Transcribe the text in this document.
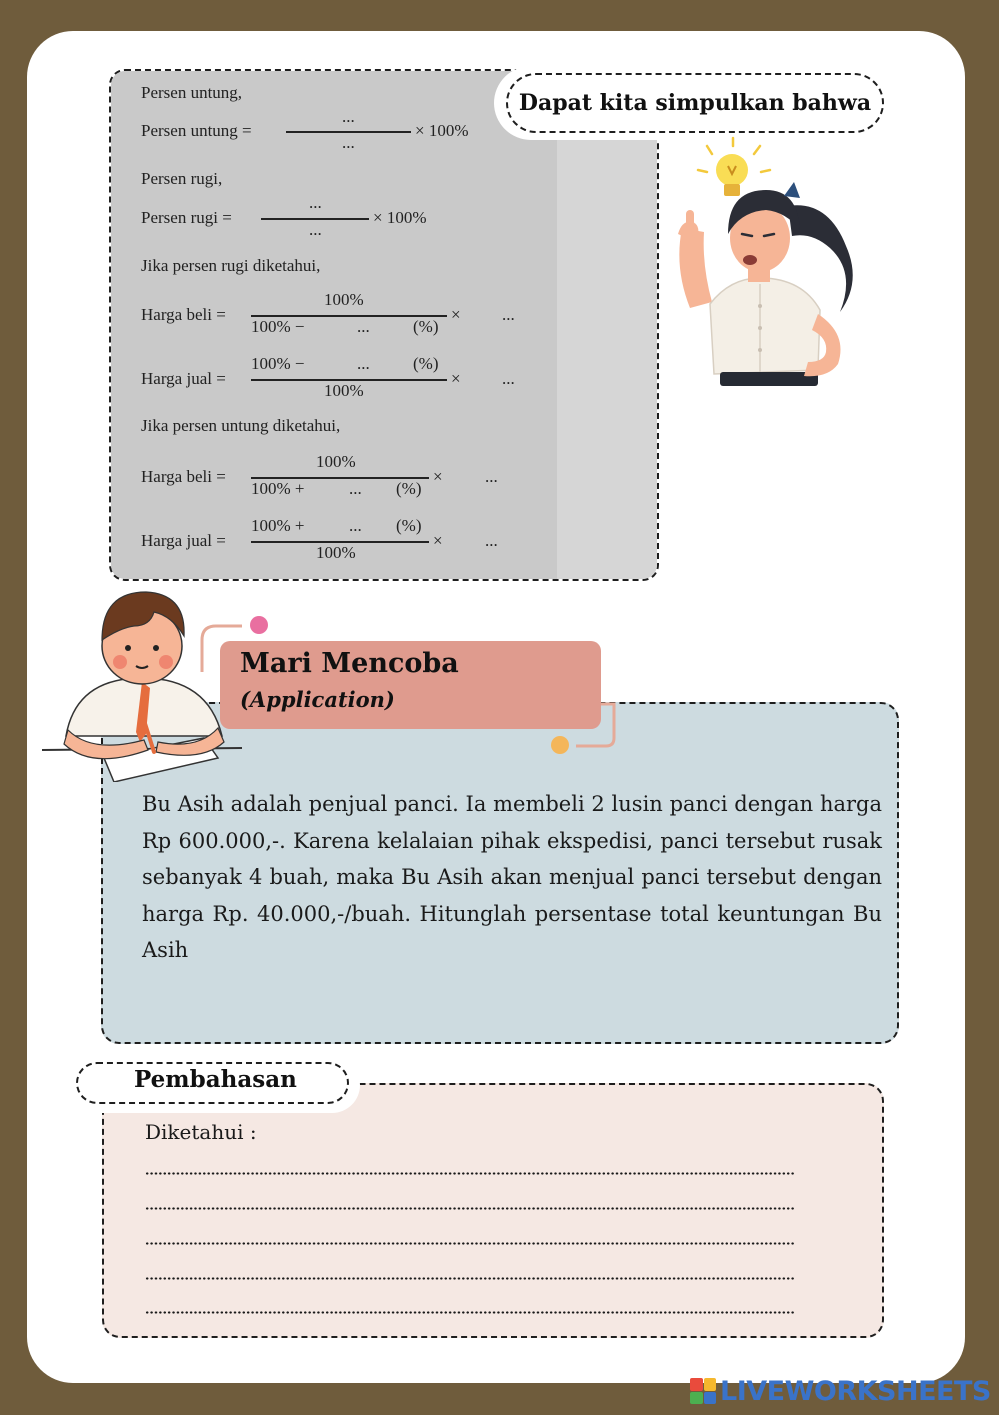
Persen untung,
Persen untung =
...
...
× 100%
Persen rugi,
Persen rugi =
...
...
× 100%
Jika persen rugi diketahui,
Harga beli =
100%
100% −	...	(%)
× ...
Harga jual =
100% −	...	(%)
100%
× ...
Jika persen untung diketahui,
Harga beli =
100%
100% +	... (%)
× ...
Harga jual =
100% +	... (%)
100%
× ...
Dapat kita simpulkan bahwa
Bu Asih adalah penjual panci. Ia membeli 2 lusin panci dengan harga Rp 600.000,-. Karena kelalaian pihak ekspedisi, panci tersebut rusak sebanyak 4 buah, maka Bu Asih akan menjual panci tersebut dengan harga Rp. 40.000,-/buah. Hitunglah persentase total keuntungan Bu Asih
Mari Mencoba
(Application)
Pembahasan
Diketahui :
LIVEWORKSHEETS
